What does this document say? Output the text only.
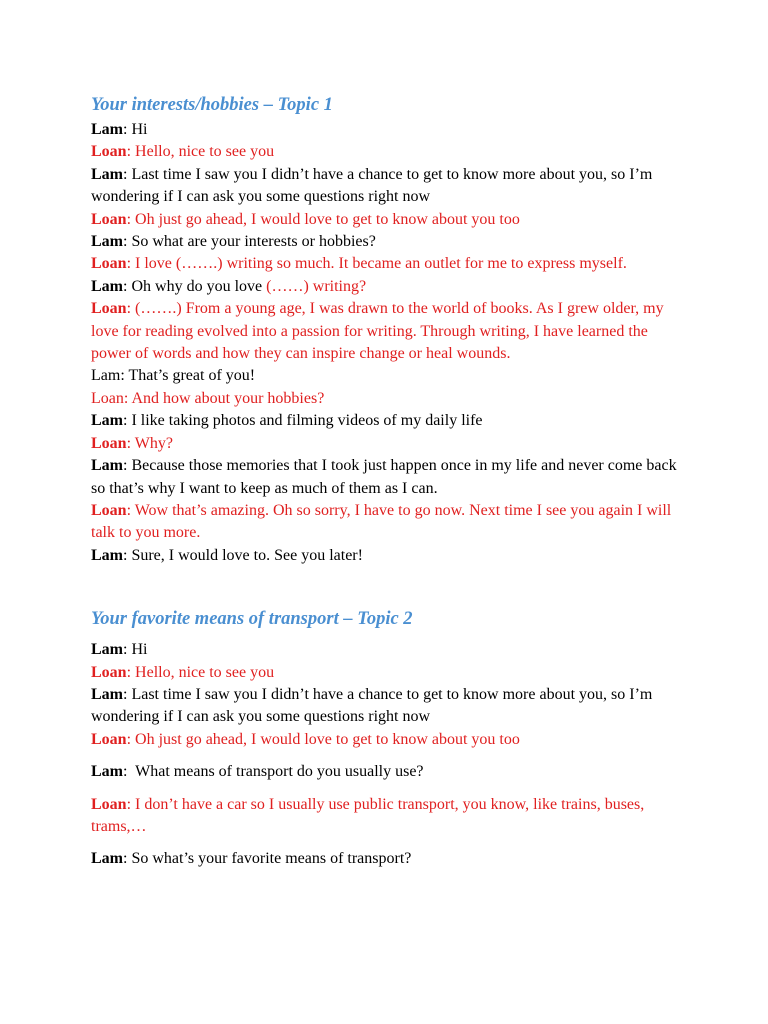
Your interests/hobbies – Topic 1

Lam: Hi

Loan: Hello, nice to see you

Lam: Last time I saw you I didn’t have a chance to get to know more about you, so I’m wondering if I can ask you some questions right now

Loan: Oh just go ahead, I would love to get to know about you too

Lam: So what are your interests or hobbies?

Loan: I love (…….) writing so much. It became an outlet for me to express myself.

Lam: Oh why do you love (……) writing?

Loan: (…….) From a young age, I was drawn to the world of books. As I grew older, my love for reading evolved into a passion for writing. Through writing, I have learned the power of words and how they can inspire change or heal wounds.

Lam: That’s great of you!

Loan: And how about your hobbies?

Lam: I like taking photos and filming videos of my daily life

Loan: Why?

Lam: Because those memories that I took just happen once in my life and never come back so that’s why I want to keep as much of them as I can.

Loan: Wow that’s amazing. Oh so sorry, I have to go now. Next time I see you again I will talk to you more.

Lam: Sure, I would love to. See you later!

Your favorite means of transport – Topic 2

Lam: Hi

Loan: Hello, nice to see you

Lam: Last time I saw you I didn’t have a chance to get to know more about you, so I’m wondering if I can ask you some questions right now

Loan: Oh just go ahead, I would love to get to know about you too

Lam:  What means of transport do you usually use?

Loan: I don’t have a car so I usually use public transport, you know, like trains, buses, trams,…

Lam: So what’s your favorite means of transport?
